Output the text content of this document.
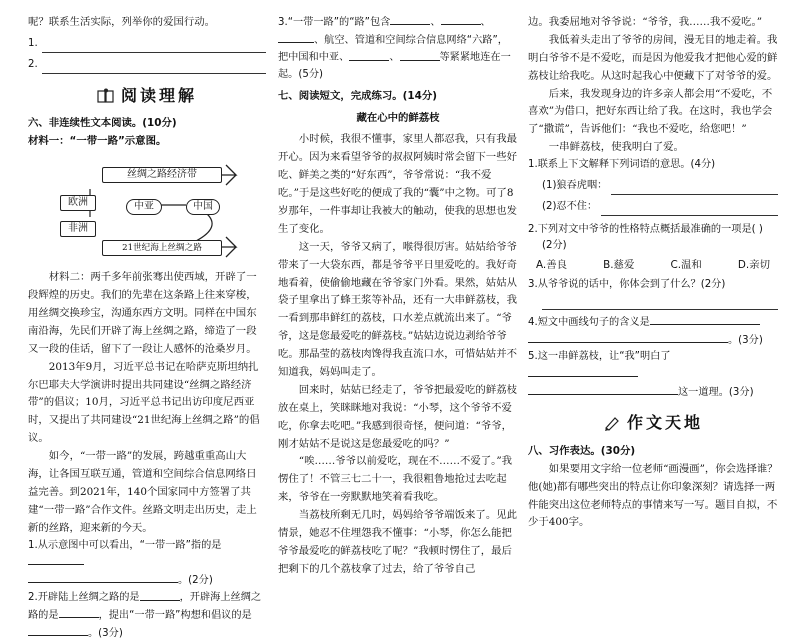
呢？联系生活实际，列举你的爱国行动。

1.
2.
阅读理解

六、非连续性文本阅读。(10分)

材料一：“一带一路”示意图。

丝绸之路经济带
欧洲	中亚	中国
非洲
21世纪海上丝绸之路

材料二：两千多年前张骞出使西域，开辟了一段辉煌的历史。我们的先辈在这条路上往来穿梭，用丝绸交换珍宝，沟通东西方文明。同样在中国东南沿海，先民们开辟了海上丝绸之路，缔造了一段又一段的佳话，留下了一段让人感怀的沧桑岁月。

2013年9月，习近平总书记在哈萨克斯坦纳扎尔巴耶夫大学演讲时提出共同建设“丝绸之路经济带”的倡议；10月，习近平总书记出访印度尼西亚时，又提出了共同建设“21世纪海上丝绸之路”的倡议。

如今，“一带一路”的发展，跨越重重高山大海，让各国互联互通，管道和空间综合信息网络日益完善。到2021年，140个国家同中方签署了共建“一带一路”合作文件。丝路文明走出历史，走上新的丝路，迎来新的今天。

1.从示意图中可以看出，“一带一路”指的是
。(2分)

2.开辟陆上丝绸之路的是	，开辟海上丝绸之路的是	，提出“一带一路”构想和倡议的是。(3分)

3.“一带一路”的“路”包含	、	、、航空、管道和空间综合信息网络“六路”，把中国和中亚、	、	等紧紧地连在一起。(5分)

七、阅读短文，完成练习。(14分)

藏在心中的鲜荔枝

小时候，我很不懂事，家里人都忍我，只有我最开心。因为来看望爷爷的叔叔阿姨时常会留下一些好吃、鲜美之类的“好东西”，爷爷常说：“我不爱吃。”于是这些好吃的便成了我的“囊”中之物。可了8岁那年，一件事却让我被大的触动，使我的思想也发生了变化。

这一天，爷爷又病了，喉得很厉害。姑姑给爷爷带来了一大袋东西，都是爷爷平日里爱吃的。我好奇地看着，使偷偷地藏在爷爷家门外看。果然，姑姑从袋子里拿出了蜂王浆等补品，还有一大串鲜荔枝，我一看到那串鲜红的荔枝，口水差点就流出来了。“爷爷，这是您最爱吃的鲜荔枝。”姑姑边说边剥给爷爷吃。那晶莹的荔枝肉馋得我直流口水，可惜姑姑并不知道我，妈妈叫走了。

回来时，姑姑已经走了，爷爷把最爱吃的鲜荔枝放在桌上，笑眯眯地对我说：“小琴，这个爷爷不爱吃，你拿去吃吧。”我感到很奇怪，便问道：“爷爷，刚才姑姑不是说这是您最爱吃的吗？”

“唉……爷爷以前爱吃，现在不……不爱了。”我愣住了！不管三七二十一，我很粗鲁地抢过去吃起来，爷爷在一旁默默地笑着看我吃。

当荔枝所剩无几时，妈妈给爷爷端饭来了。见此情景，她忍不住埋怨我不懂事：“小琴，你怎么能把爷爷最爱吃的鲜荔枝吃了呢？”我顿时愣住了，最后把剩下的几个荔枝拿了过去，给了爷爷自己

边。我委屈地对爷爷说：“爷爷，我……我不爱吃。”

我低着头走出了爷爷的房间，漫无目的地走着。我明白爷爷不是不爱吃，而是因为他爱我才把他心爱的鲜荔枝让给我吃。从这时起我心中便藏下了对爷爷的爱。

后来，我发现身边的许多亲人都会用“不爱吃，不喜欢”为借口，把好东西让给了我。在这时，我也学会了“撒谎”，告诉他们：“我也不爱吃，给您吧！”

一串鲜荔枝，使我明白了爱。

1.联系上下文解释下列词语的意思。(4分)

(1)狼吞虎咽：
(2)忍不住：

2.下列对文中爷爷的性格特点概括最准确的一项是( )

(2分)

A.善良	B.慈爱	C.温和	D.亲切

3.从爷爷说的话中，你体会到了什么？(2分)

4.短文中画线句子的含义是
。(3分)

5.这一串鲜荔枝，让“我”明白了
这一道理。(3分)

作文天地

八、习作表达。(30分)

如果要用文字给一位老师“画漫画”，你会选择谁？他(她)都有哪些突出的特点让你印象深刻？请选择一两件能突出这位老师特点的事情来写一写。题目自拟，不少于400字。
